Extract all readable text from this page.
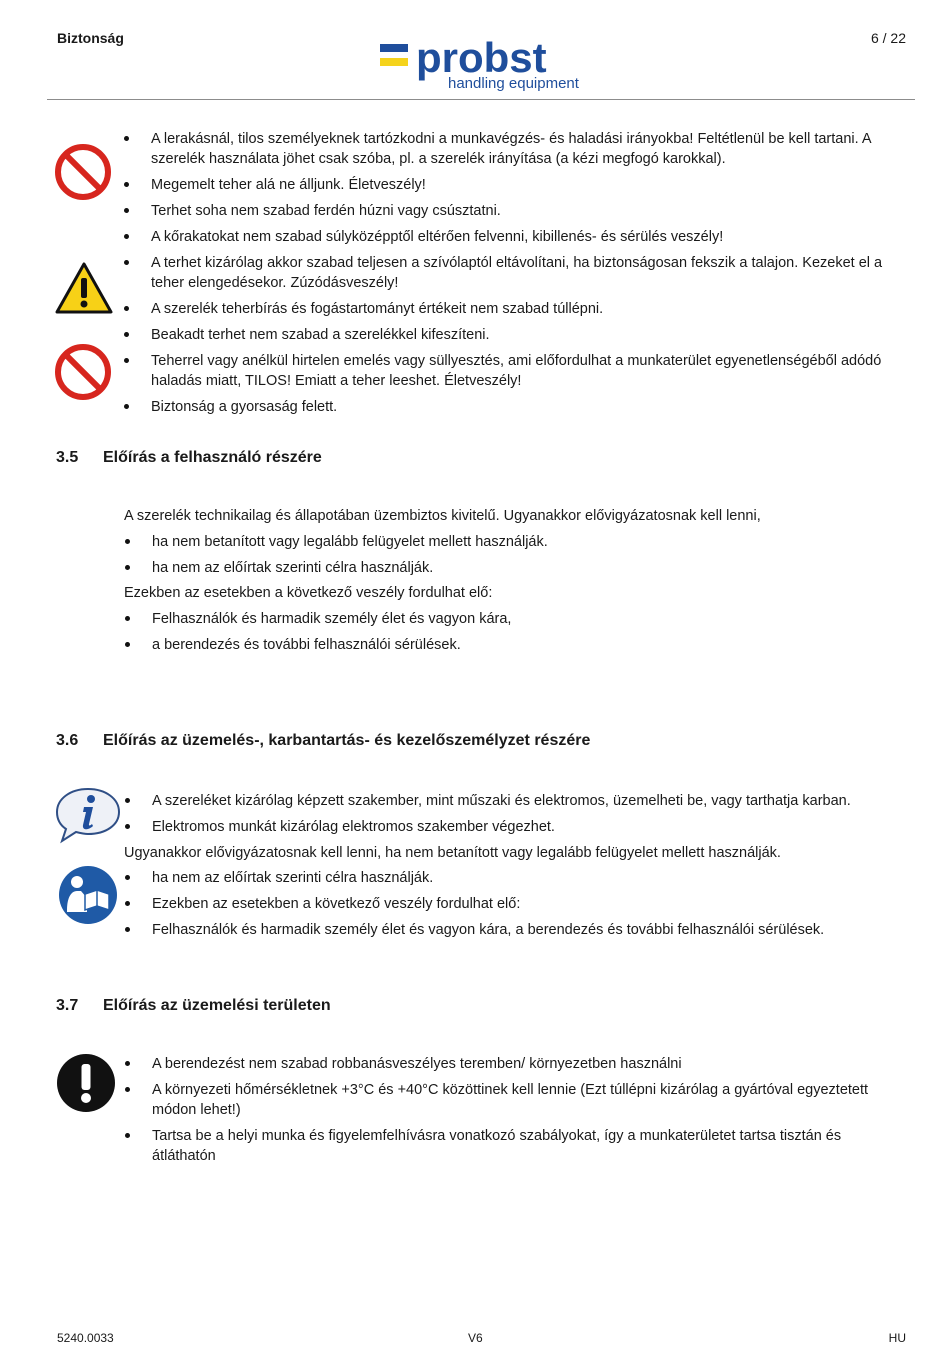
Biztonság	6 / 22
probst
handling equipment
A lerakásnál, tilos személyeknek tartózkodni a munkavégzés- és haladási irányokba! Feltétlenül be kell tartani. A szerelék használata jöhet csak szóba, pl. a szerelék irányítása (a kézi megfogó karokkal).
Megemelt teher alá ne álljunk. Életveszély!
Terhet soha nem szabad ferdén húzni vagy csúsztatni.
A kőrakatokat nem szabad súlyközépptől eltérően felvenni, kibillenés- és sérülés veszély!
A terhet kizárólag akkor szabad teljesen a szívólaptól eltávolítani, ha biztonságosan fekszik a talajon. Kezeket el a teher elengedésekor. Zúzódásveszély!
A szerelék teherbírás és fogástartományt értékeit nem szabad túllépni.
Beakadt terhet nem szabad a szerelékkel kifeszíteni.
Teherrel vagy anélkül hirtelen emelés vagy süllyesztés, ami előfordulhat a munkaterület egyenetlenségéből adódó haladás miatt, TILOS! Emiatt a teher leeshet. Életveszély!
Biztonság a gyorsaság felett.
3.5 Előírás a felhasználó részére

A szerelék technikailag és állapotában üzembiztos kivitelű. Ugyanakkor elővigyázatosnak kell lenni,

ha nem betanított vagy legalább felügyelet mellett használják.
ha nem az előírtak szerinti célra használják.

Ezekben az esetekben a következő veszély fordulhat elő:

Felhasználók és harmadik személy élet és vagyon kára,
a berendezés és további felhasználói sérülések.
3.6 Előírás az üzemelés-, karbantartás- és kezelőszemélyzet részére
A szereléket kizárólag képzett szakember, mint műszaki és elektromos, üzemelheti be, vagy tarthatja karban.
Elektromos munkát kizárólag elektromos szakember végezhet.

Ugyanakkor elővigyázatosnak kell lenni, ha nem betanított vagy legalább felügyelet mellett használják.

ha nem az előírtak szerinti célra használják.
Ezekben az esetekben a következő veszély fordulhat elő:
Felhasználók és harmadik személy élet és vagyon kára, a berendezés és további felhasználói sérülések.
3.7 Előírás az üzemelési területen
A berendezést nem szabad robbanásveszélyes teremben/ környezetben használni
A környezeti hőmérsékletnek +3°C és +40°C közöttinek kell lennie (Ezt túllépni kizárólag a gyártóval egyeztetett módon lehet!)
Tartsa be a helyi munka és figyelemfelhívásra vonatkozó szabályokat, így a munkaterületet tartsa tisztán és átláthatón
5240.0033	V6	HU
